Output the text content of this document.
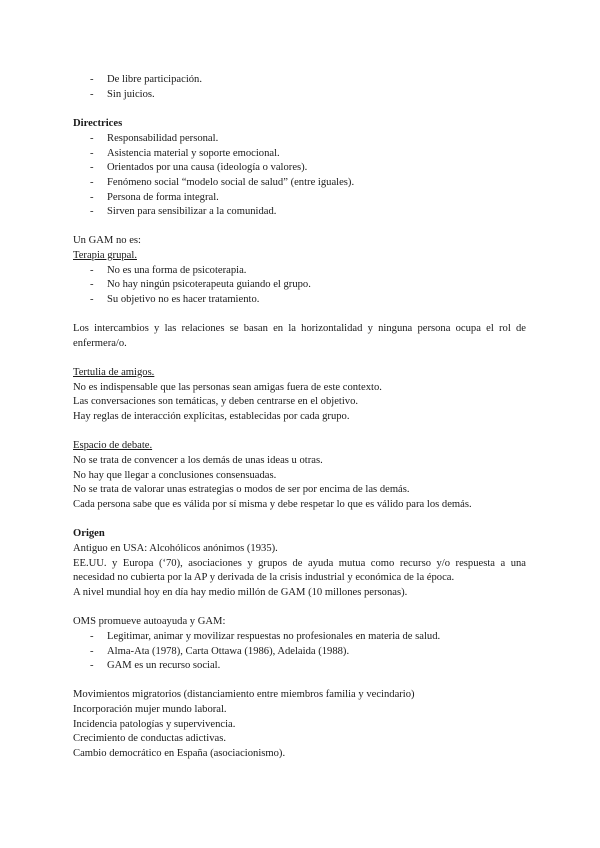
- De libre participación.
- Sin juicios.
Directrices
- Responsabilidad personal.
- Asistencia material y soporte emocional.
- Orientados por una causa (ideología o valores).
- Fenómeno social “modelo social de salud” (entre iguales).
- Persona de forma integral.
- Sirven para sensibilizar a la comunidad.
Un GAM no es:
Terapia grupal.
- No es una forma de psicoterapia.
- No hay ningún psicoterapeuta guiando el grupo.
- Su objetivo no es hacer tratamiento.
Los intercambios y las relaciones se basan en la horizontalidad y ninguna persona ocupa el rol de
enfermera/o.
Tertulia de amigos.
No es indispensable que las personas sean amigas fuera de este contexto.
Las conversaciones son temáticas, y deben centrarse en el objetivo.
Hay reglas de interacción explícitas, establecidas por cada grupo.
Espacio de debate.
No se trata de convencer a los demás de unas ideas u otras.
No hay que llegar a conclusiones consensuadas.
No se trata de valorar unas estrategias o modos de ser por encima de las demás.
Cada persona sabe que es válida por sí misma y debe respetar lo que es válido para los demás.
Origen
Antiguo en USA: Alcohólicos anónimos (1935).
EE.UU. y Europa (‘70), asociaciones y grupos de ayuda mutua como recurso y/o respuesta a una
necesidad no cubierta por la AP y derivada de la crisis industrial y económica de la época.
A nivel mundial hoy en día hay medio millón de GAM (10 millones personas).
OMS promueve autoayuda y GAM:
- Legitimar, animar y movilizar respuestas no profesionales en materia de salud.
- Alma-Ata (1978), Carta Ottawa (1986), Adelaida (1988).
- GAM es un recurso social.
Movimientos migratorios (distanciamiento entre miembros familia y vecindario)
Incorporación mujer mundo laboral.
Incidencia patologías y supervivencia.
Crecimiento de conductas adictivas.
Cambio democrático en España (asociacionismo).
